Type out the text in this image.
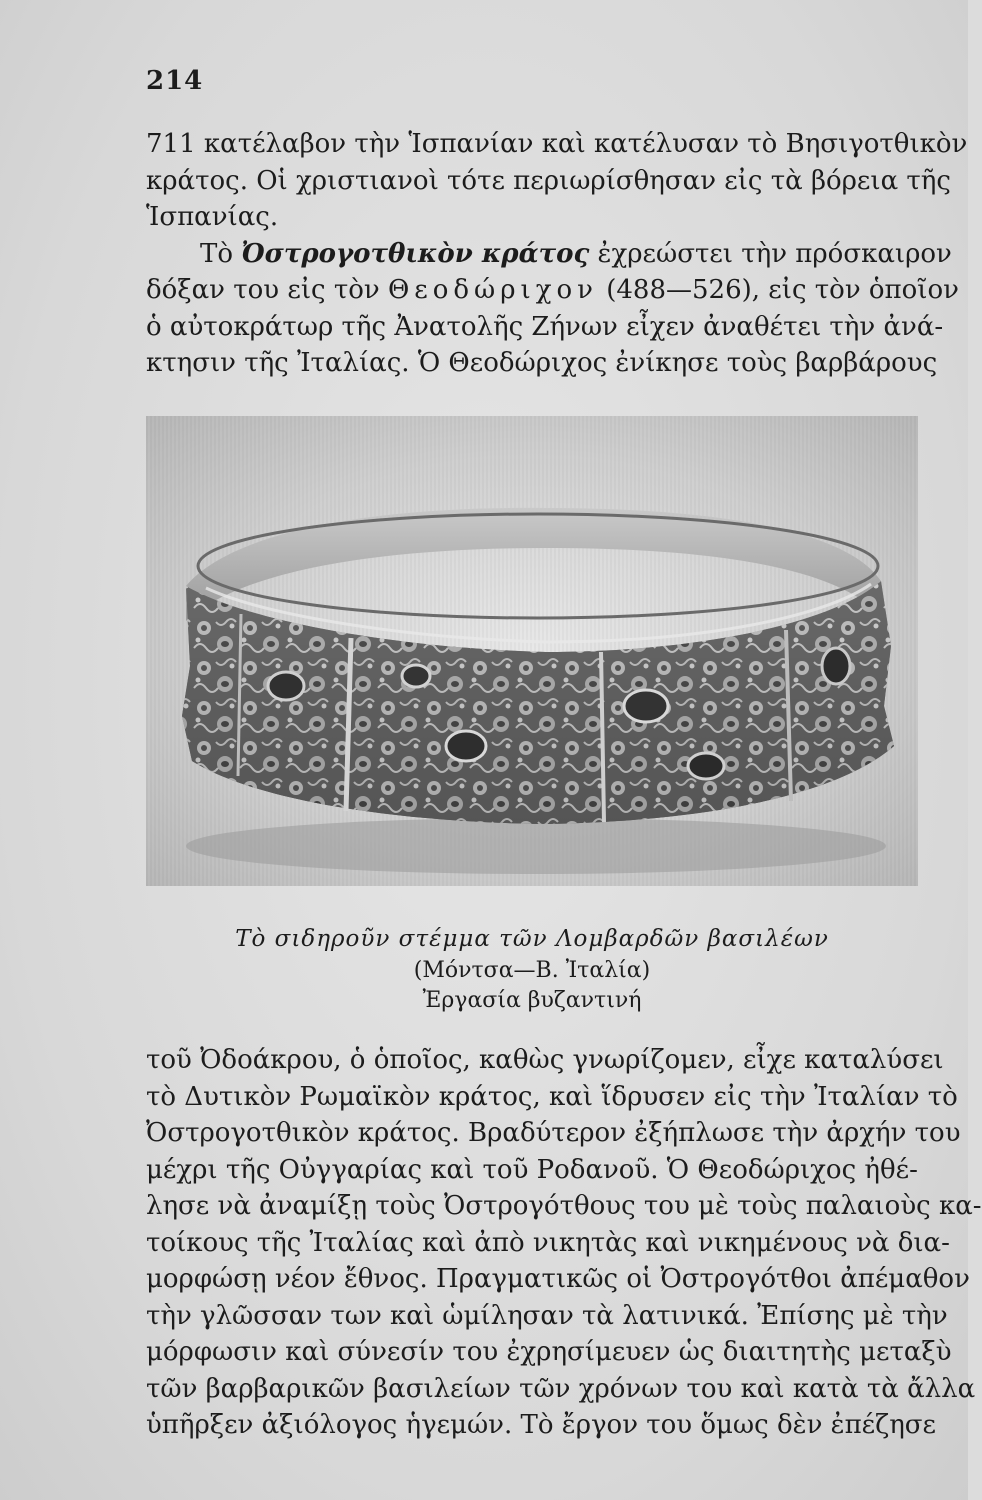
214

711 κατέλαβον τὴν Ἱσπανίαν καὶ κατέλυσαν τὸ Βησιγοτθικὸν
κράτος. Οἱ χριστιανοὶ τότε περιωρίσθησαν εἰς τὰ βόρεια τῆς
Ἱσπανίας.
Τὸ Ὀστρογοτθικὸν κράτος ἐχρεώστει τὴν πρόσκαιρον
δόξαν του εἰς τὸν Θεοδώριχον (488—526), εἰς τὸν ὁποῖον
ὁ αὐτοκράτωρ τῆς Ἀνατολῆς Ζήνων εἶχεν ἀναθέτει τὴν ἀνά-
κτησιν τῆς Ἰταλίας. Ὁ Θεοδώριχος ἐνίκησε τοὺς βαρβάρους

Τὸ σιδηροῦν στέμμα τῶν Λομβαρδῶν βασιλέων

(Μόντσα—Β. Ἰταλία)

Ἐργασία βυζαντινή

τοῦ Ὀδοάκρου, ὁ ὁποῖος, καθὼς γνωρίζομεν, εἶχε καταλύσει
τὸ Δυτικὸν Ρωμαϊκὸν κράτος, καὶ ἵδρυσεν εἰς τὴν Ἰταλίαν τὸ
Ὀστρογοτθικὸν κράτος. Βραδύτερον ἐξήπλωσε τὴν ἀρχήν του
μέχρι τῆς Οὐγγαρίας καὶ τοῦ Ροδανοῦ. Ὁ Θεοδώριχος ἠθέ-
λησε νὰ ἀναμίξῃ τοὺς Ὀστρογότθους του μὲ τοὺς παλαιοὺς κα-
τοίκους τῆς Ἰταλίας καὶ ἀπὸ νικητὰς καὶ νικημένους νὰ δια-
μορφώσῃ νέον ἔθνος. Πραγματικῶς οἱ Ὀστρογότθοι ἀπέμαθον
τὴν γλῶσσαν των καὶ ὡμίλησαν τὰ λατινικά. Ἐπίσης μὲ τὴν
μόρφωσιν καὶ σύνεσίν του ἐχρησίμευεν ὡς διαιτητὴς μεταξὺ
τῶν βαρβαρικῶν βασιλείων τῶν χρόνων του καὶ κατὰ τὰ ἄλλα
ὑπῆρξεν ἀξιόλογος ἡγεμών. Τὸ ἔργον του ὅμως δὲν ἐπέζησε
